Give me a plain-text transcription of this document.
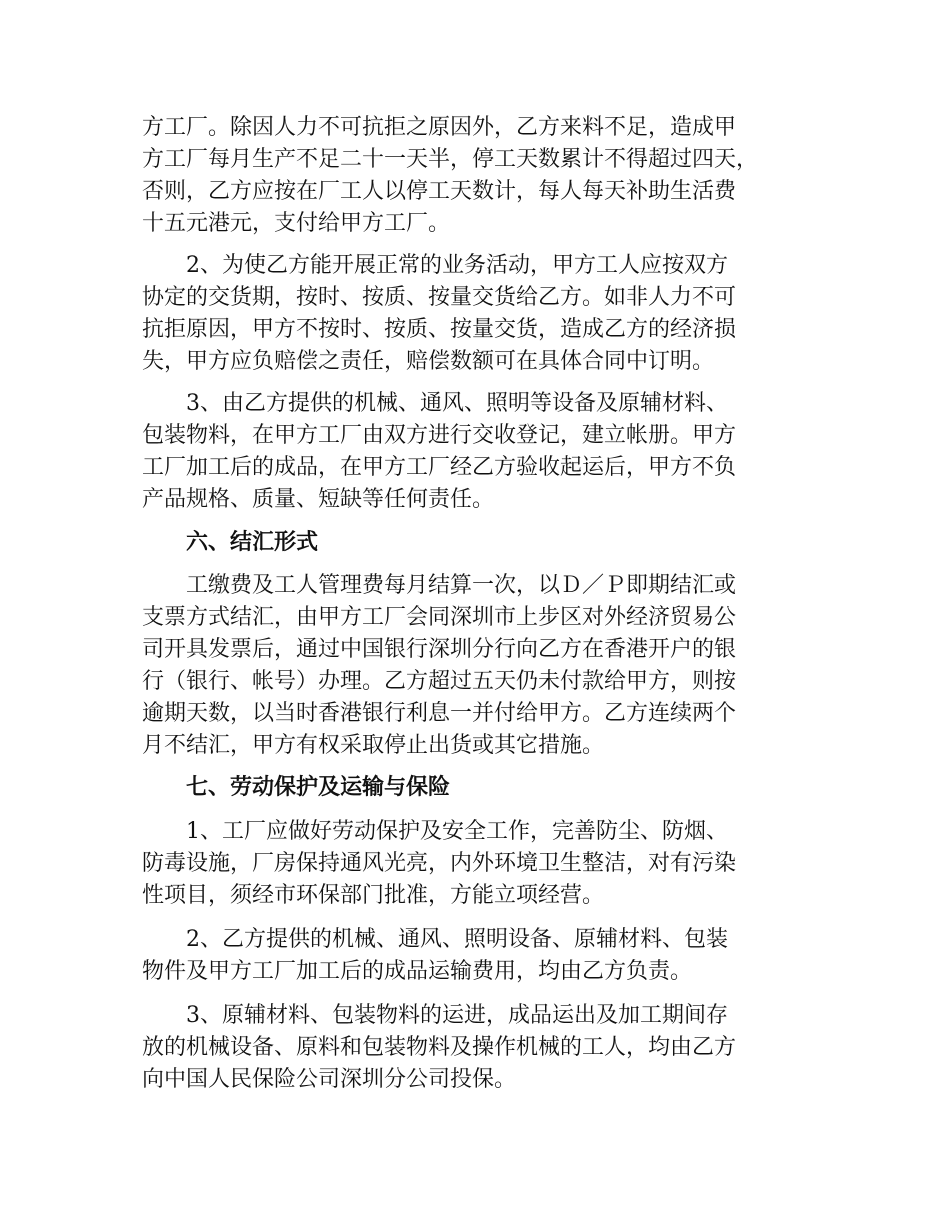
方工厂。除因人力不可抗拒之原因外，乙方来料不足，造成甲
方工厂每月生产不足二十一天半，停工天数累计不得超过四天，
否则，乙方应按在厂工人以停工天数计，每人每天补助生活费
十五元港元，支付给甲方工厂。

2、为使乙方能开展正常的业务活动，甲方工人应按双方
协定的交货期，按时、按质、按量交货给乙方。如非人力不可
抗拒原因，甲方不按时、按质、按量交货，造成乙方的经济损
失，甲方应负赔偿之责任，赔偿数额可在具体合同中订明。

3、由乙方提供的机械、通风、照明等设备及原辅材料、
包装物料，在甲方工厂由双方进行交收登记，建立帐册。甲方
工厂加工后的成品，在甲方工厂经乙方验收起运后，甲方不负
产品规格、质量、短缺等任何责任。

六、结汇形式

工缴费及工人管理费每月结算一次，以Ｄ／Ｐ即期结汇或
支票方式结汇，由甲方工厂会同深圳市上步区对外经济贸易公
司开具发票后，通过中国银行深圳分行向乙方在香港开户的银
行（银行、帐号）办理。乙方超过五天仍未付款给甲方，则按
逾期天数，以当时香港银行利息一并付给甲方。乙方连续两个
月不结汇，甲方有权采取停止出货或其它措施。

七、劳动保护及运输与保险

1、工厂应做好劳动保护及安全工作，完善防尘、防烟、
防毒设施，厂房保持通风光亮，内外环境卫生整洁，对有污染
性项目，须经市环保部门批准，方能立项经营。

2、乙方提供的机械、通风、照明设备、原辅材料、包装
物件及甲方工厂加工后的成品运输费用，均由乙方负责。

3、原辅材料、包装物料的运进，成品运出及加工期间存
放的机械设备、原料和包装物料及操作机械的工人，均由乙方
向中国人民保险公司深圳分公司投保。
